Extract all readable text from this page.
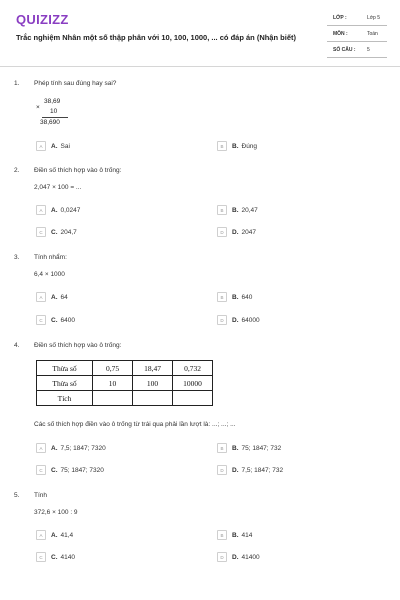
QUIZIZZ
Trắc nghiệm Nhân một số thập phân với 10, 100, 1000, ... có đáp án (Nhận biết)
LỚP :	Lớp 5
MÔN :	Toán
SỐ CÂU :	5
1. Phép tính sau đúng hay sai?
38,69
×
10
38,690
A	A. Sai	B	B. Đúng
2. Điền số thích hợp vào ô trống:
2,047 × 100 = ...
A	A. 0,0247	B	B. 20,47
C	C. 204,7	D	D. 2047
3. Tính nhẩm:
6,4 × 1000
A	A. 64	B	B. 640
C	C. 6400	D	D. 64000
4. Điền số thích hợp vào ô trống:
Thừa số	0,75	18,47	0,732
Thừa số	10	100	10000
Tích			
Các số thích hợp điền vào ô trống từ trái qua phải lần lượt là: ...; ...; ...
A	A. 7,5; 1847; 7320	B	B. 75; 1847; 732
C	C. 75; 1847; 7320	D	D. 7,5; 1847; 732
5. Tính
372,6 × 100 : 9
A	A. 41,4	B	B. 414
C	C. 4140	D	D. 41400
